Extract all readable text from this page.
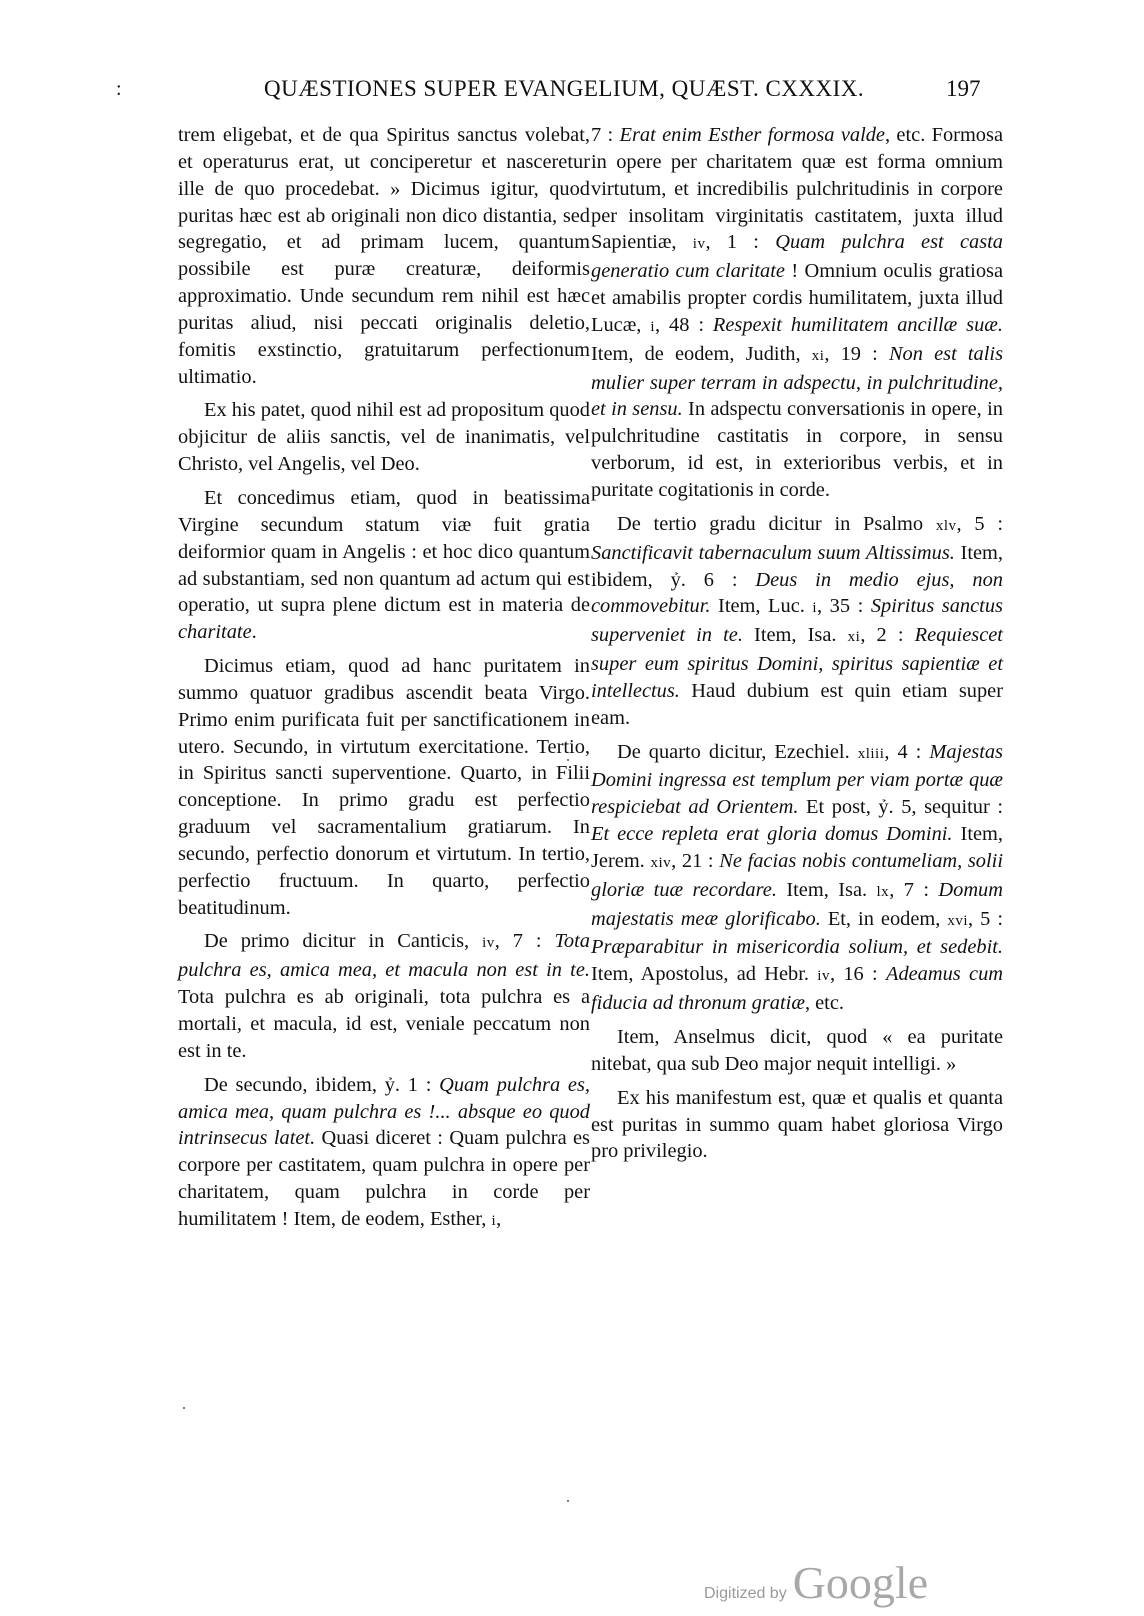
:	QUÆSTIONES SUPER EVANGELIUM, QUÆST. CXXXIX.	197

trem eligebat, et de qua Spiritus sanctus volebat, et operaturus erat, ut conciperetur et nasceretur ille de quo procedebat. » Dicimus igitur, quod puritas hæc est ab originali non dico distantia, sed segregatio, et ad primam lucem, quantum possibile est puræ creaturæ, deiformis approximatio. Unde secundum rem nihil est hæc puritas aliud, nisi peccati originalis deletio, fomitis exstinctio, gratuitarum perfectionum ultimatio.

Ex his patet, quod nihil est ad propositum quod objicitur de aliis sanctis, vel de inanimatis, vel Christo, vel Angelis, vel Deo.

Et concedimus etiam, quod in beatissima Virgine secundum statum viæ fuit gratia deiformior quam in Angelis : et hoc dico quantum ad substantiam, sed non quantum ad actum qui est operatio, ut supra plene dictum est in materia de charitate.

Dicimus etiam, quod ad hanc puritatem in summo quatuor gradibus ascendit beata Virgo. Primo enim purificata fuit per sanctificationem in utero. Secundo, in virtutum exercitatione. Tertio, in Spiritus sancti superventione. Quarto, in Filii conceptione. In primo gradu est perfectio graduum vel sacramentalium gratiarum. In secundo, perfectio donorum et virtutum. In tertio, perfectio fructuum. In quarto, perfectio beatitudinum.

De primo dicitur in Canticis, iv, 7 : Tota pulchra es, amica mea, et macula non est in te. Tota pulchra es ab originali, tota pulchra es a mortali, et macula, id est, veniale peccatum non est in te.

De secundo, ibidem, ỷ. 1 : Quam pulchra es, amica mea, quam pulchra es !... absque eo quod intrinsecus latet. Quasi diceret : Quam pulchra es corpore per castitatem, quam pulchra in opere per charitatem, quam pulchra in corde per humilitatem ! Item, de eodem, Esther, i,

7 : Erat enim Esther formosa valde, etc. Formosa in opere per charitatem quæ est forma omnium virtutum, et incredibilis pulchritudinis in corpore per insolitam virginitatis castitatem, juxta illud Sapientiæ, iv, 1 : Quam pulchra est casta generatio cum claritate ! Omnium oculis gratiosa et amabilis propter cordis humilitatem, juxta illud Lucæ, i, 48 : Respexit humilitatem ancillæ suæ. Item, de eodem, Judith, xi, 19 : Non est talis mulier super terram in adspectu, in pulchritudine, et in sensu. In adspectu conversationis in opere, in pulchritudine castitatis in corpore, in sensu verborum, id est, in exterioribus verbis, et in puritate cogitationis in corde.

De tertio gradu dicitur in Psalmo xlv, 5 : Sanctificavit tabernaculum suum Altissimus. Item, ibidem, ỷ. 6 : Deus in medio ejus, non commovebitur. Item, Luc. i, 35 : Spiritus sanctus superveniet in te. Item, Isa. xi, 2 : Requiescet super eum spiritus Domini, spiritus sapientiæ et intellectus. Haud dubium est quin etiam super eam.

De quarto dicitur, Ezechiel. xliii, 4 : Majestas Domini ingressa est templum per viam portæ quæ respiciebat ad Orientem. Et post, ỷ. 5, sequitur : Et ecce repleta erat gloria domus Domini. Item, Jerem. xiv, 21 : Ne facias nobis contumeliam, solii gloriæ tuæ recordare. Item, Isa. lx, 7 : Domum majestatis meæ glorificabo. Et, in eodem, xvi, 5 : Præparabitur in misericordia solium, et sedebit. Item, Apostolus, ad Hebr. iv, 16 : Adeamus cum fiducia ad thronum gratiæ, etc.

Item, Anselmus dicit, quod « ea puritate nitebat, qua sub Deo major nequit intelligi. »

Ex his manifestum est, quæ et qualis et quanta est puritas in summo quam habet gloriosa Virgo pro privilegio.

Digitized by Google
